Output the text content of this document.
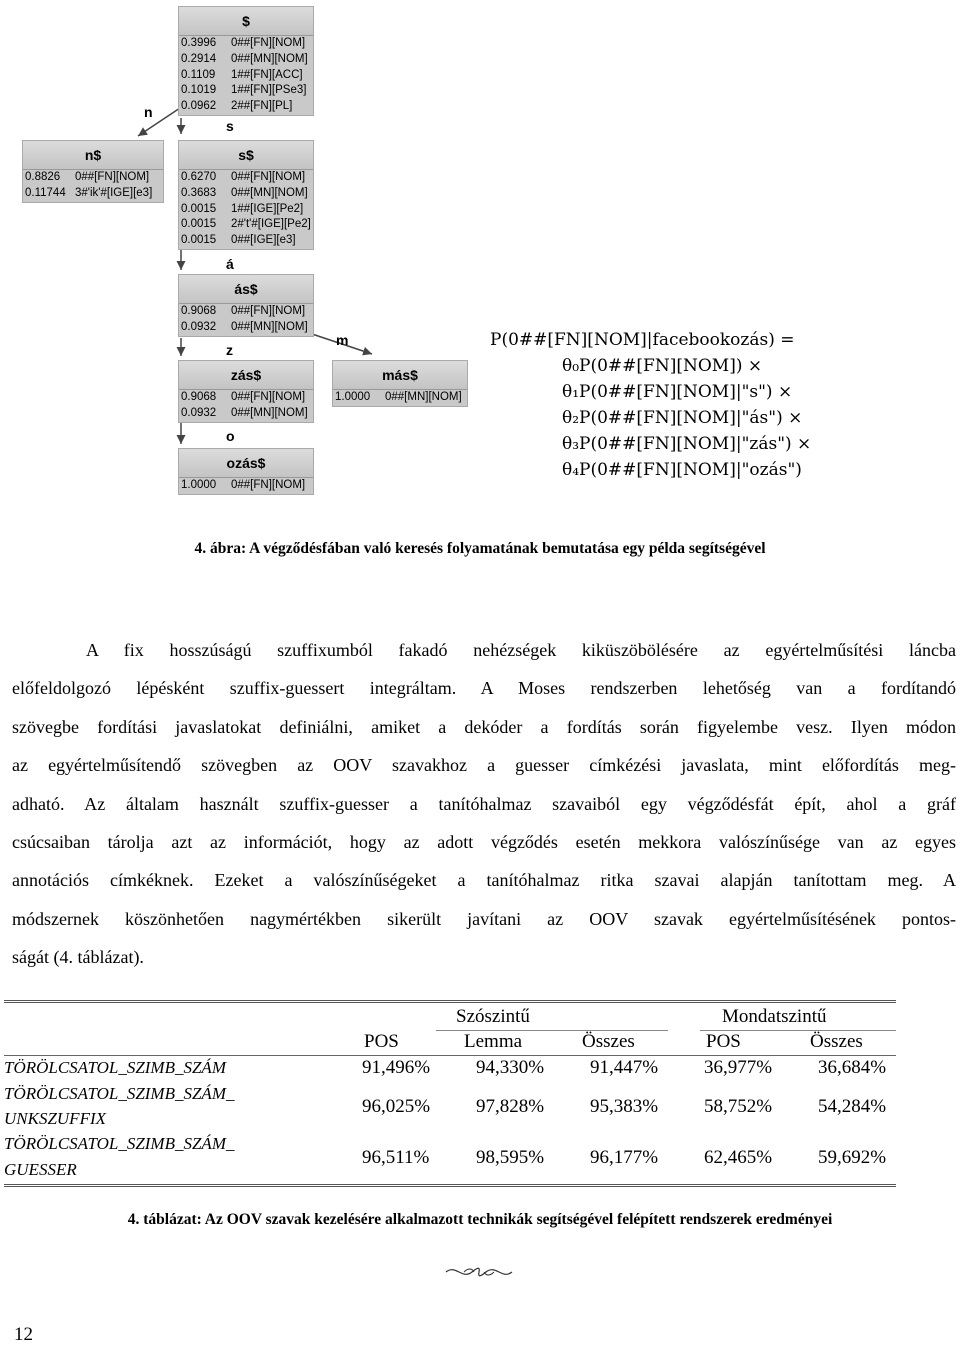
$
0.3996	0##[FN][NOM]
0.2914	0##[MN][NOM]
0.1109	1##[FN][ACC]
0.1019	1##[FN][PSe3]
0.0962	2##[FN][PL]
n
s
n$
0.8826	0##[FN][NOM]
0.11744 3#'ik'#[IGE][e3]
s$
0.6270	0##[FN][NOM]
0.3683	0##[MN][NOM]
0.0015	1##[IGE][Pe2]
0.0015	2#'t'#[IGE][Pe2]
0.0015	0##[IGE][e3]
á
ás$
0.9068	0##[FN][NOM]
0.0932	0##[MN][NOM]
z
m
zás$
0.9068	0##[FN][NOM]
0.0932	0##[MN][NOM]
más$
1.0000	0##[MN][NOM]
o
ozás$
1.0000	0##[FN][NOM]
P(0##[FN][NOM]|facebookozás) =
θ₀P(0##[FN][NOM]) ×
θ₁P(0##[FN][NOM]|"s") ×
θ₂P(0##[FN][NOM]|"ás") ×
θ₃P(0##[FN][NOM]|"zás") ×
θ₄P(0##[FN][NOM]|"ozás")
4. ábra: A végződésfában való keresés folyamatának bemutatása egy példa segítségével
A fix hosszúságú szuffixumból fakadó nehézségek kiküszöbölésére az egyértelműsítési láncba
előfeldolgozó lépésként szuffix-guessert integráltam. A Moses rendszerben lehetőség van a fordítandó
szövegbe fordítási javaslatokat definiálni, amiket a dekóder a fordítás során figyelembe vesz. Ilyen módon
az egyértelműsítendő szövegben az OOV szavakhoz a guesser címkézési javaslata, mint előfordítás meg-
adható. Az általam használt szuffix-guesser a tanítóhalmaz szavaiból egy végződésfát épít, ahol a gráf
csúcsaiban tárolja azt az információt, hogy az adott végződés esetén mekkora valószínűsége van az egyes
annotációs címkéknek. Ezeket a valószínűségeket a tanítóhalmaz ritka szavai alapján tanítottam meg. A
módszernek köszönhetően nagymértékben sikerült javítani az OOV szavak egyértelműsítésének pontos-
ságát (4. táblázat).
Szószintű	Mondatszintű
POS	Lemma	Összes	POS	Összes
TÖRÖLCSATOL_SZIMB_SZÁM	91,496% 94,330% 91,447% 36,977% 36,684%
TÖRÖLCSATOL_SZIMB_SZÁM_
UNKSZUFFIX
96,025% 97,828% 95,383% 58,752% 54,284%
TÖRÖLCSATOL_SZIMB_SZÁM_
GUESSER
96,511% 98,595% 96,177% 62,465% 59,692%
4. táblázat: Az OOV szavak kezelésére alkalmazott technikák segítségével felépített rendszerek eredményei
12
